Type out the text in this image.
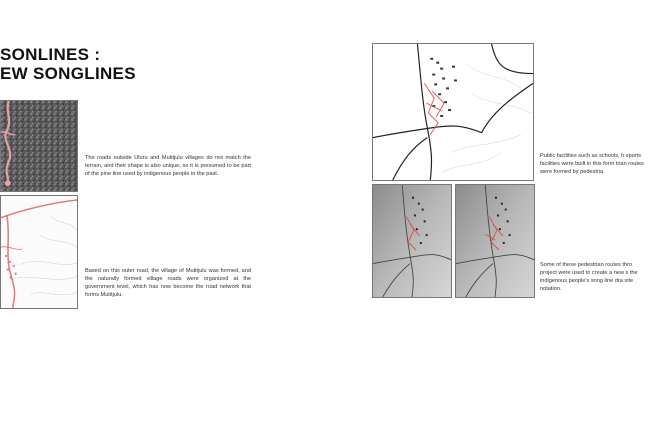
SONLINES :
EW SONGLINES

The roads outside Uluru and Mutitjulu villages do not match the terrain, and their shape is also unique, so it is presumed to be part of the pine line used by indigenous people in the past.

Based on this outer road, the village of Mutitjulu was formed, and the naturally formed village roads were organized at the government level, which has now become the road network that forms Mutitjulu.

Public facilities such as schools, h sports facilities were built in this form trian routes were formed by pedestria

Some of these pedestrian routes thro project were used to create a new s the indigenous people's song line dra site notation.
